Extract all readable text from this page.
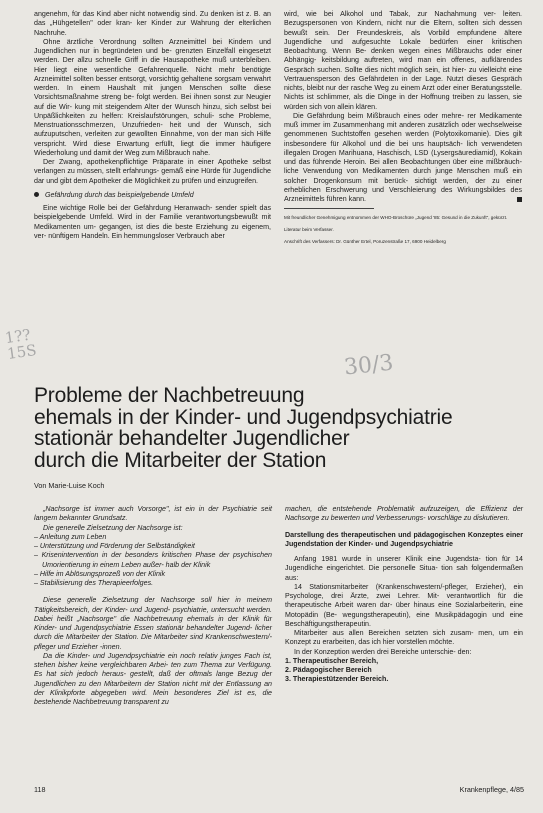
angenehm, für das Kind aber nicht notwendig sind. Zu denken ist z. B. an das „Hühgetellen" oder kran- ker Kinder zur Wahrung der elterlichen Nachruhe.

Ohne ärztliche Verordnung sollten Arzneimittel bei Kindern und Jugendlichen nur in begründeten und be- grenzten Einzelfall eingesetzt werden. Der allzu schnelle Griff in die Hausapotheke muß unterbleiben. Hier liegt eine wesentliche Gefahrenquelle. Nicht mehr benötigte Arzneimittel sollten besser entsorgt, vorsichtig gehaltene sorgsam verwahrt werden. In einem Haushalt mit jungen Menschen sollte diese Vorsichtsmaßnahme streng be- folgt werden. Bei ihnen sonst zur Neugier auf die Wir- kung mit steigendem Alter der Wunsch hinzu, sich selbst bei Unpäßlichkeiten zu helfen: Kreislaufstörungen, schuli- sche Probleme, Menstruationsschmerzen, Unzufrieden- heit und der Wunsch, sich aufzuputschen, verleiten zur gewollten Einnahme, von der man sich Hilfe verspricht. Wird diese Erwartung erfüllt, liegt die immer häufigere Wiederholung und damit der Weg zum Mißbrauch nahe.

Der Zwang, apothekenpflichtige Präparate in einer Apotheke selbst verlangen zu müssen, stellt erfahrungs- gemäß eine Hürde für Jugendliche dar und gibt dem Apotheker die Möglichkeit zu prüfen und einzugreifen.

Gefährdung durch das beispielgebende Umfeld

Eine wichtige Rolle bei der Gefährdung Heranwach- sender spielt das beispielgebende Umfeld. Wird in der Familie verantwortungsbewußt mit Medikamenten um- gegangen, ist dies die beste Erziehung zu eigenem, ver- nünftigem Handeln. Ein hemmungsloser Verbrauch aber

wird, wie bei Alkohol und Tabak, zur Nachahmung ver- leiten. Bezugspersonen von Kindern, nicht nur die Eltern, sollten sich dessen bewußt sein. Der Freundeskreis, als Vorbild empfundene ältere Jugendliche und aufgesuchte Lokale bedürfen einer kritischen Beobachtung. Wenn Be- denken wegen eines Mißbrauchs oder einer Abhängig- keitsbildung auftreten, wird man ein offenes, aufklärendes Gespräch suchen. Sollte dies nicht möglich sein, ist hier- zu vielleicht eine Vertrauensperson des Gefährdeten in der Lage. Nutzt dieses Gespräch nichts, bleibt nur der rasche Weg zu einem Arzt oder einer Beratungsstelle. Nichts ist schlimmer, als die Dinge in der Hoffnung treiben zu lassen, sie würden sich von allein klären.

Die Gefährdung beim Mißbrauch eines oder mehre- rer Medikamente muß immer im Zusammenhang mit anderen zusätzlich oder wechselweise genommenen Suchtstoffen gesehen werden (Polytoxikomanie). Dies gilt insbesondere für Alkohol und die bei uns hauptsäch- lich verwendeten illegalen Drogen Marihuana, Haschisch, LSD (Lysergsäurediamid), Kokain und das führende Heroin. Bei allen Beobachtungen über eine mißbräuch- liche Verwendung von Medikamenten durch junge Menschen muß ein solcher Drogenkonsum mit berück- sichtigt werden, der zu einer erheblichen Erschwerung und Verschleierung des Wirkungsbildes des Arzneimittels führen kann.

Mit freundlicher Genehmigung entnommen der WHO-Broschüre „Jugend '85: Gesund in die Zukunft", gekürzt.
Literatur beim Verfasser.
Anschrift des Verfassers: Dr. Günther Ertel, Poruzenstraße 17, 6900 Heidelberg
1?? 15S	30/3
Probleme der Nachbetreuung
ehemals in der Kinder- und Jugendpsychiatrie
stationär behandelter Jugendlicher
durch die Mitarbeiter der Station
Von Marie-Luise Koch

„Nachsorge ist immer auch Vorsorge", ist ein in der Psychiatrie seit langem bekannter Grundsatz.

Die generelle Zielsetzung der Nachsorge ist:

– Anleitung zum Leben
– Unterstützung und Förderung der Selbständigkeit
– Krisenintervention in der besonders kritischen Phase der psychischen Umorientierung in einem Leben außer- halb der Klinik
– Hilfe im Ablösungsprozeß von der Klinik
– Stabilisierung des Therapieerfolges.

Diese generelle Zielsetzung der Nachsorge soll hier in meinem Tätigkeitsbereich, der Kinder- und Jugend- psychiatrie, untersucht werden. Dabei heißt „Nachsorge" die Nachbetreuung ehemals in der Klinik für Kinder- und Jugendpsychiatrie Essen stationär behandelter Jugend- licher durch die Mitarbeiter der Station. Die Mitarbeiter sind Krankenschwestern/-pfleger und Erzieher -innen.

Da die Kinder- und Jugendpsychiatrie ein noch relativ junges Fach ist, stehen bisher keine vergleichbaren Arbei- ten zum Thema zur Verfügung. Es hat sich jedoch heraus- gestellt, daß der oftmals lange Bezug der Jugendlichen zu den Mitarbeitern der Station nicht mit der Entlassung an der Klinikpforte abgegeben wird. Mein besonderes Ziel ist es, die bestehende Nachbetreuung transparent zu

machen, die entstehende Problematik aufzuzeigen, die Effizienz der Nachsorge zu bewerten und Verbesserungs- vorschläge zu diskutieren.

Darstellung des therapeutischen und pädagogischen Konzeptes einer Jugendstation der Kinder- und Jugendpsychiatrie

Anfang 1981 wurde in unserer Klinik eine Jugendsta- tion für 14 Jugendliche eingerichtet. Die personelle Situa- tion sah folgendermaßen aus:

14 Stationsmitarbeiter (Krankenschwestern/-pfleger, Erzieher), ein Psychologe, drei Ärzte, zwei Lehrer. Mit- verantwortlich für die therapeutische Arbeit waren dar- über hinaus eine Sozialarbeiterin, eine Motopädin (Be- wegungstherapeutin), eine Musikpädagogin und eine Beschäftigungstherapeutin.

Mitarbeiter aus allen Bereichen setzten sich zusam- men, um ein Konzept zu erarbeiten, das ich hier vorstellen möchte.

In der Konzeption werden drei Bereiche unterschie- den:

1. Therapeutischer Bereich,
2. Pädagogischer Bereich
3. Therapiestützender Bereich.
118	Krankenpflege, 4/85
